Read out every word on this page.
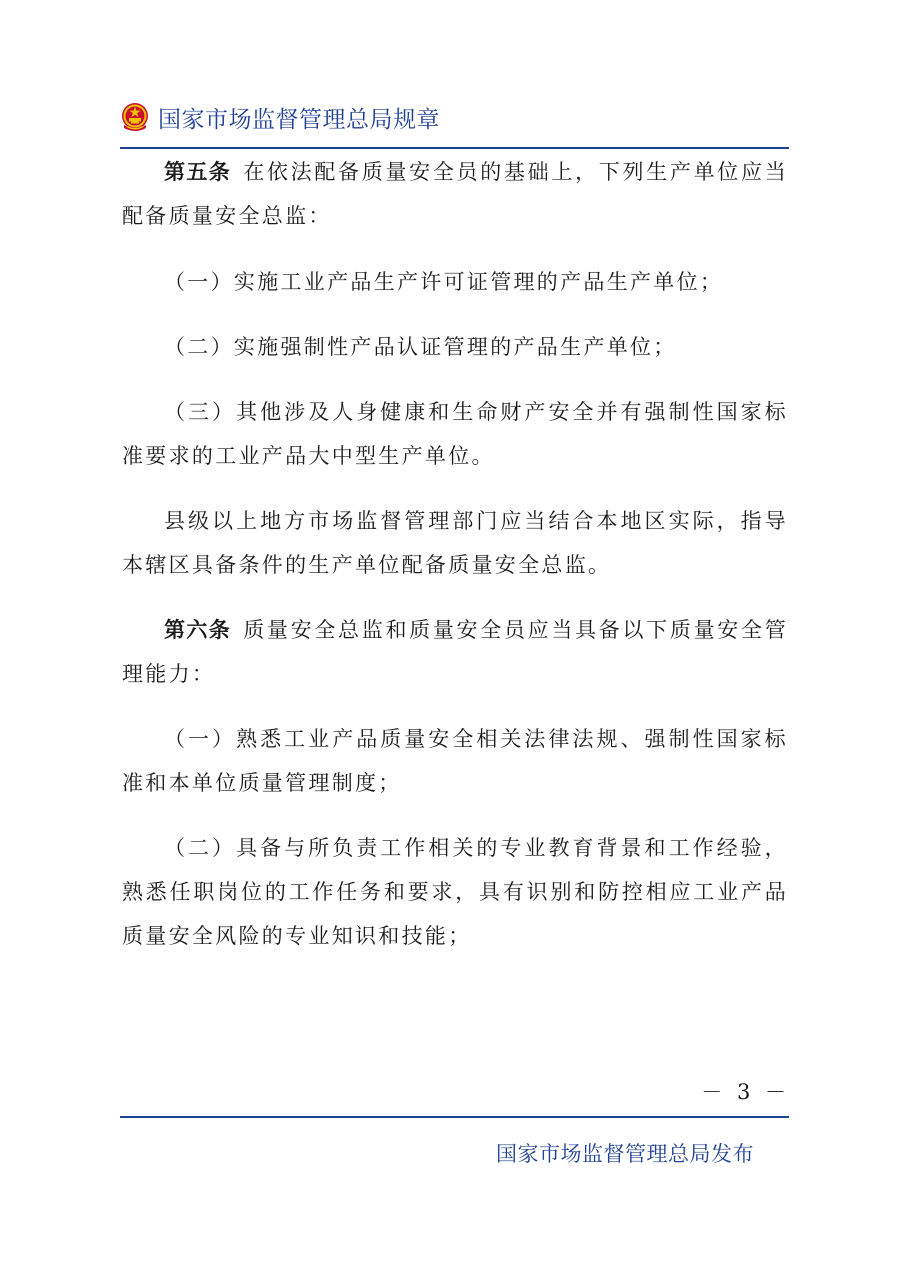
国家市场监督管理总局规章

第五条 在依法配备质量安全员的基础上，下列生产单位应当配备质量安全总监：

（一）实施工业产品生产许可证管理的产品生产单位；

（二）实施强制性产品认证管理的产品生产单位；

（三）其他涉及人身健康和生命财产安全并有强制性国家标准要求的工业产品大中型生产单位。

县级以上地方市场监督管理部门应当结合本地区实际，指导本辖区具备条件的生产单位配备质量安全总监。

第六条 质量安全总监和质量安全员应当具备以下质量安全管理能力：

（一）熟悉工业产品质量安全相关法律法规、强制性国家标准和本单位质量管理制度；

（二）具备与所负责工作相关的专业教育背景和工作经验，熟悉任职岗位的工作任务和要求，具有识别和防控相应工业产品质量安全风险的专业知识和技能；

－ 3 －
国家市场监督管理总局发布
